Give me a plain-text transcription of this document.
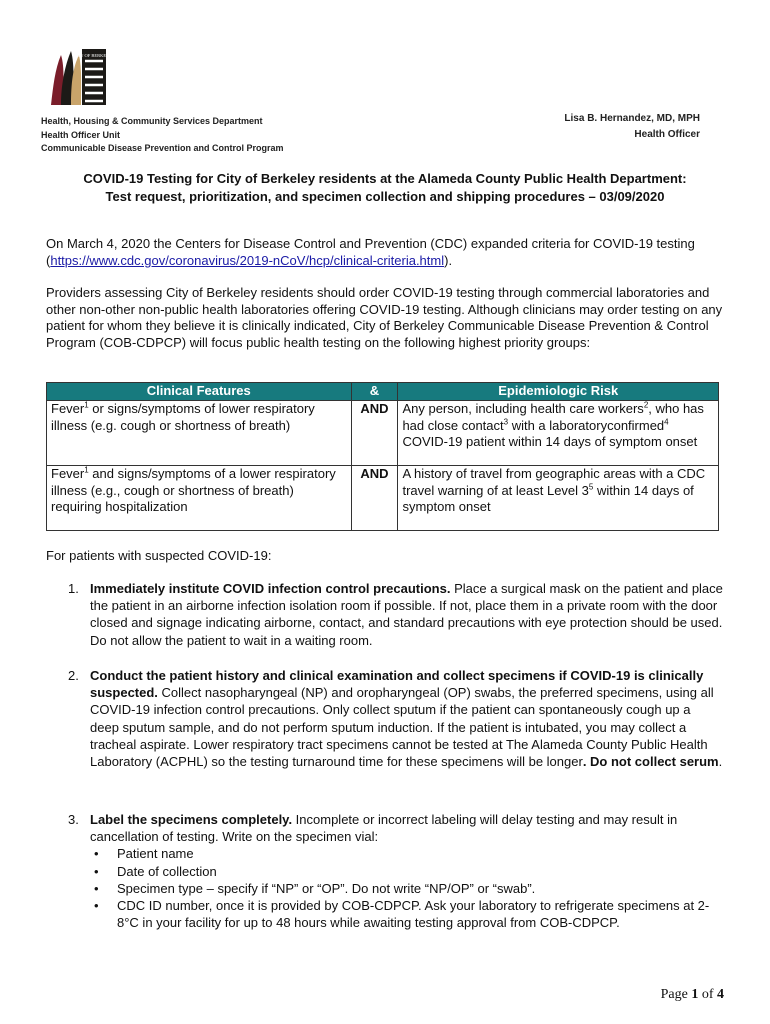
CITY OF BERKELEY
Health, Housing & Community Services Department
Health Officer Unit
Communicable Disease Prevention and Control Program
Lisa B. Hernandez, MD, MPH
Health Officer
COVID-19 Testing for City of Berkeley residents at the Alameda County Public Health Department:
Test request, prioritization, and specimen collection and shipping procedures – 03/09/2020
On March 4, 2020 the Centers for Disease Control and Prevention (CDC) expanded criteria for COVID-19 testing (https://www.cdc.gov/coronavirus/2019-nCoV/hcp/clinical-criteria.html).
Providers assessing City of Berkeley residents should order COVID-19 testing through commercial laboratories and other non-other non-public health laboratories offering COVID-19 testing. Although clinicians may order testing on any patient for whom they believe it is clinically indicated, City of Berkeley Communicable Disease Prevention & Control Program (COB-CDPCP) will focus public health testing on the following highest priority groups:
Clinical Features	&	Epidemiologic Risk
Fever$^1$ or signs/symptoms of lower respiratory illness (e.g. cough or shortness of breath)	AND	Any person, including health care workers$^2$, who has had close contact$^3$ with a laboratoryconfirmed$^4$ COVID-19 patient within 14 days of symptom onset
Fever$^1$ and signs/symptoms of a lower respiratory illness (e.g., cough or shortness of breath) requiring hospitalization	AND	A history of travel from geographic areas with a CDC travel warning of at least Level $3^5$ within 14 days of symptom onset
For patients with suspected COVID-19:
1. Immediately institute COVID infection control precautions. Place a surgical mask on the patient and place the patient in an airborne infection isolation room if possible. If not, place them in a private room with the door closed and signage indicating airborne, contact, and standard precautions with eye protection should be used. Do not allow the patient to wait in a waiting room.
2. Conduct the patient history and clinical examination and collect specimens if COVID-19 is clinically suspected. Collect nasopharyngeal (NP) and oropharyngeal (OP) swabs, the preferred specimens, using all COVID-19 infection control precautions. Only collect sputum if the patient can spontaneously cough up a deep sputum sample, and do not perform sputum induction. If the patient is intubated, you may collect a tracheal aspirate. Lower respiratory tract specimens cannot be tested at The Alameda County Public Health Laboratory (ACPHL) so the testing turnaround time for these specimens will be longer. Do not collect serum.
3. Label the specimens completely. Incomplete or incorrect labeling will delay testing and may result in cancellation of testing. Write on the specimen vial:
• Patient name
• Date of collection
• Specimen type – specify if “NP” or “OP”. Do not write “NP/OP” or “swab”.
• CDC ID number, once it is provided by COB-CDPCP. Ask your laboratory to refrigerate specimens at 2-8°C in your facility for up to 48 hours while awaiting testing approval from COB-CDPCP.
Page 1 of 4
